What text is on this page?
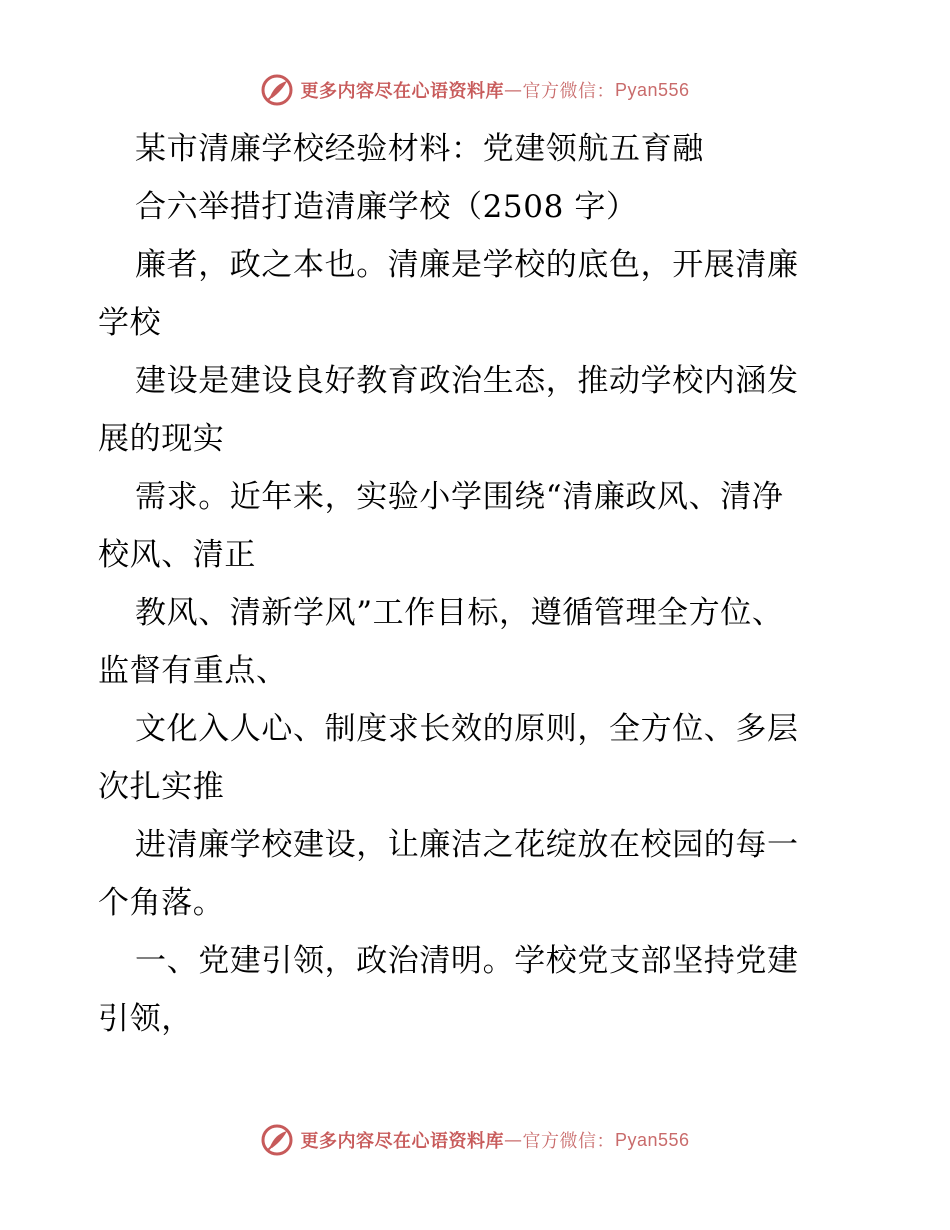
更多内容尽在心语资料库 — 官方微信： Pyan556
某市清廉学校经验材料：党建领航五育融
合六举措打造清廉学校（2508 字）
廉者，政之本也。清廉是学校的底色，开展清廉
学校
建设是建设良好教育政治生态，推动学校内涵发
展的现实
需求。近年来，实验小学围绕“清廉政风、清净
校风、清正
教风、清新学风”工作目标，遵循管理全方位、
监督有重点、
文化入人心、制度求长效的原则，全方位、多层
次扎实推
进清廉学校建设，让廉洁之花绽放在校园的每一
个角落。
一、党建引领，政治清明。学校党支部坚持党建
引领，
更多内容尽在心语资料库 — 官方微信： Pyan556
